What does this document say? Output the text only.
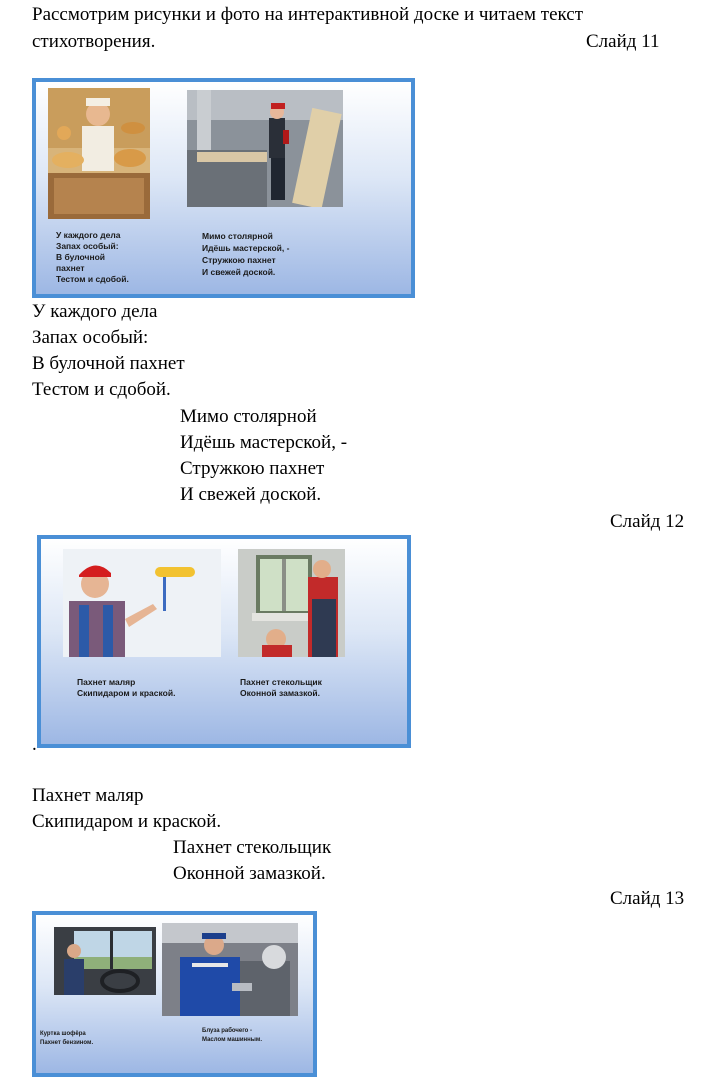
Рассмотрим рисунки и фото на интерактивной доске и читаем текст
стихотворения.	Слайд 11
У каждого дела
Запах особый:
В булочной
пахнет
Тестом и сдобой.
Мимо столярной
Идёшь мастерской, -
Стружкою пахнет
И свежей доской.
У каждого дела
Запах особый:
В булочной пахнет
Тестом и сдобой.
Мимо столярной
Идёшь мастерской, -
Стружкою пахнет
И свежей доской.
Слайд 12
Пахнет маляр
Скипидаром и краской.
Пахнет стекольщик
Оконной замазкой.
.
Пахнет маляр
Скипидаром и краской.
Пахнет стекольщик
Оконной замазкой.
Слайд 13
Куртка шофёра
Пахнет бензином.
Блуза рабочего -
Маслом машинным.
